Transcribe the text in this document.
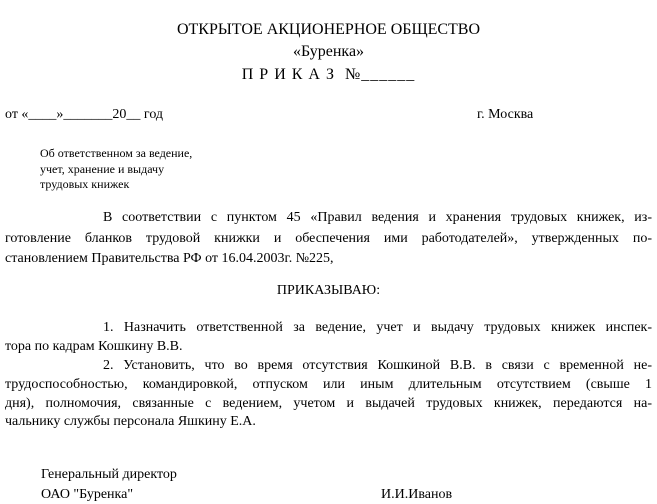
ОТКРЫТОЕ АКЦИОНЕРНОЕ ОБЩЕСТВО
«Буренка»
П Р И К А З  №______
от «____»_______20__ год	г. Москва
Об ответственном за ведение,
учет, хранение и выдачу
трудовых книжек
В соответствии с пунктом 45 «Правил ведения и хранения трудовых книжек, из-
готовление бланков трудовой книжки и обеспечения ими работодателей», утвержденных по-
становлением Правительства РФ от 16.04.2003г. №225,
ПРИКАЗЫВАЮ:
1. Назначить ответственной за ведение, учет и выдачу трудовых книжек инспек-
тора по кадрам Кошкину В.В.
2. Установить, что во время отсутствия Кошкиной В.В. в связи с временной не-
трудоспособностью, командировкой, отпуском или иным длительным отсутствием (свыше 1
дня), полномочия, связанные с ведением, учетом и выдачей трудовых книжек, передаются на-
чальнику службы персонала Яшкину Е.А.
Генеральный директор
ОАО "Буренка"	И.И.Иванов
